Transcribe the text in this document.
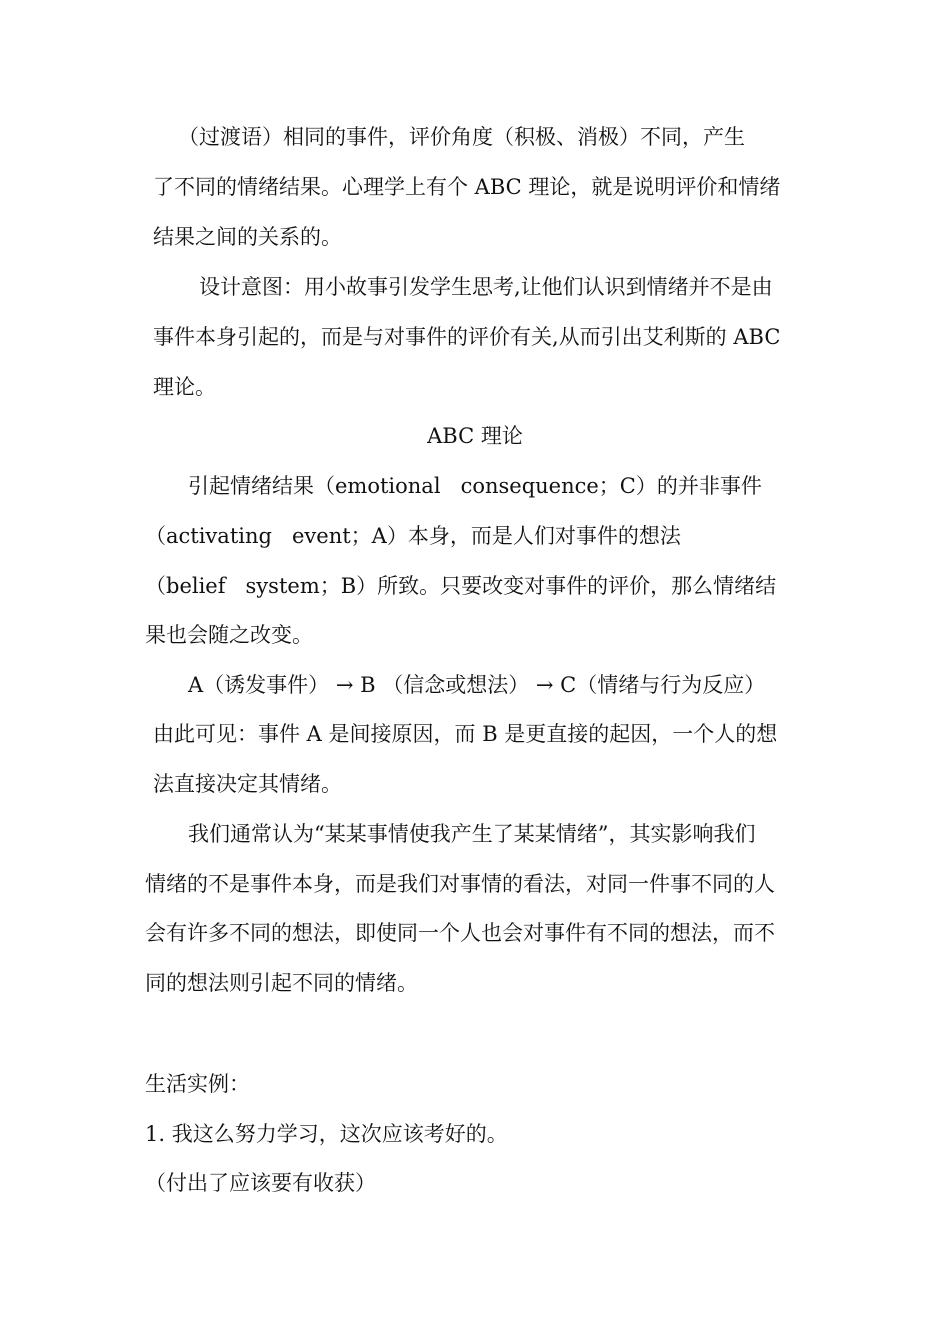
（过渡语）相同的事件，评价角度（积极、消极）不同，产生
了不同的情绪结果。心理学上有个 ABC 理论，就是说明评价和情绪
结果之间的关系的。
设计意图：用小故事引发学生思考,让他们认识到情绪并不是由
事件本身引起的，而是与对事件的评价有关,从而引出艾利斯的 ABC
理论。
ABC 理论
引起情绪结果（emotional   consequence；C）的并非事件
（activating   event；A）本身，而是人们对事件的想法
（belief   system；B）所致。只要改变对事件的评价，那么情绪结
果也会随之改变。
A（诱发事件） → B （信念或想法） → C（情绪与行为反应）
由此可见：事件 A 是间接原因，而 B 是更直接的起因，一个人的想
法直接决定其情绪。
我们通常认为“某某事情使我产生了某某情绪”，其实影响我们
情绪的不是事件本身，而是我们对事情的看法，对同一件事不同的人
会有许多不同的想法，即使同一个人也会对事件有不同的想法，而不
同的想法则引起不同的情绪。
生活实例：
1. 我这么努力学习，这次应该考好的。
（付出了应该要有收获）
